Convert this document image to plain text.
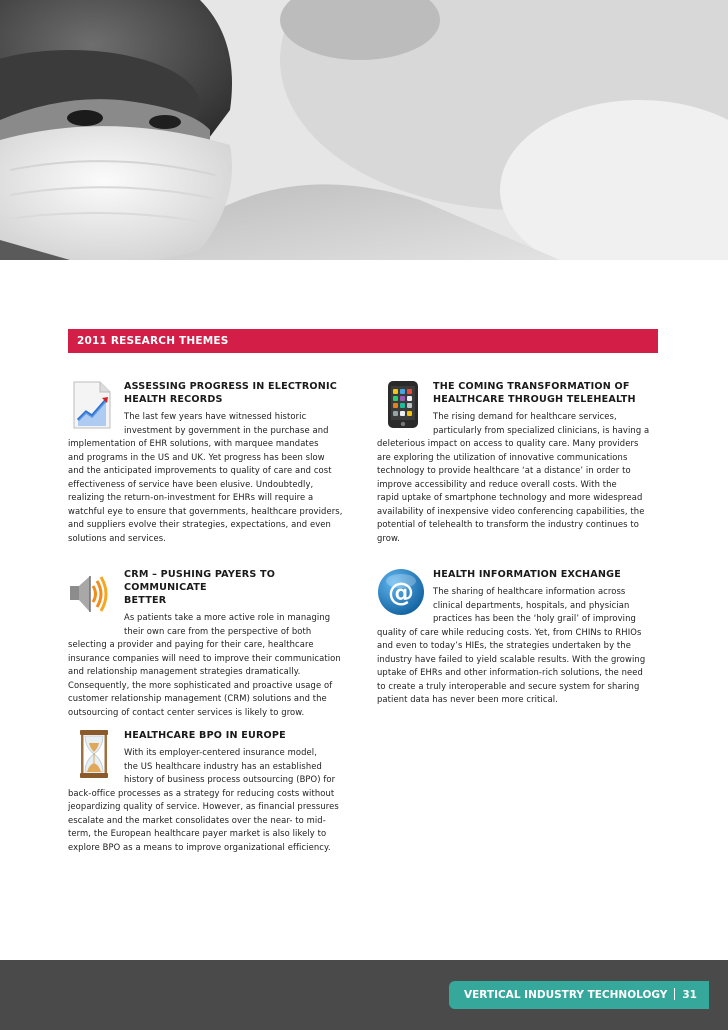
2011 RESEARCH THEMES
ASSESSING PROGRESS IN ELECTRONIC
HEALTH RECORDS
The last few years have witnessed historic
investment by government in the purchase and
implementation of EHR solutions, with marquee mandates
and programs in the US and UK. Yet progress has been slow
and the anticipated improvements to quality of care and cost
effectiveness of service have been elusive. Undoubtedly,
realizing the return-on-investment for EHRs will require a
watchful eye to ensure that governments, healthcare providers,
and suppliers evolve their strategies, expectations, and even
solutions and services.
THE COMING TRANSFORMATION OF
HEALTHCARE THROUGH TELEHEALTH
The rising demand for healthcare services,
particularly from specialized clinicians, is having a
deleterious impact on access to quality care. Many providers
are exploring the utilization of innovative communications
technology to provide healthcare ‘at a distance’ in order to
improve accessibility and reduce overall costs. With the
rapid uptake of smartphone technology and more widespread
availability of inexpensive video conferencing capabilities, the
potential of telehealth to transform the industry continues to
grow.
CRM – PUSHING PAYERS TO COMMUNICATE
BETTER
As patients take a more active role in managing
their own care from the perspective of both
selecting a provider and paying for their care, healthcare
insurance companies will need to improve their communication
and relationship management strategies dramatically.
Consequently, the more sophisticated and proactive usage of
customer relationship management (CRM) solutions and the
outsourcing of contact center services is likely to grow.
@
HEALTH INFORMATION EXCHANGE
The sharing of healthcare information across
clinical departments, hospitals, and physician
practices has been the ‘holy grail’ of improving
quality of care while reducing costs. Yet, from CHINs to RHIOs
and even to today’s HIEs, the strategies undertaken by the
industry have failed to yield scalable results. With the growing
uptake of EHRs and other information-rich solutions, the need
to create a truly interoperable and secure system for sharing
patient data has never been more critical.
HEALTHCARE BPO IN EUROPE
With its employer-centered insurance model,
the US healthcare industry has an established
history of business process outsourcing (BPO) for
back-office processes as a strategy for reducing costs without
jeopardizing quality of service. However, as financial pressures
escalate and the market consolidates over the near- to mid-
term, the European healthcare payer market is also likely to
explore BPO as a means to improve organizational efficiency.
VERTICAL INDUSTRY TECHNOLOGY 31
